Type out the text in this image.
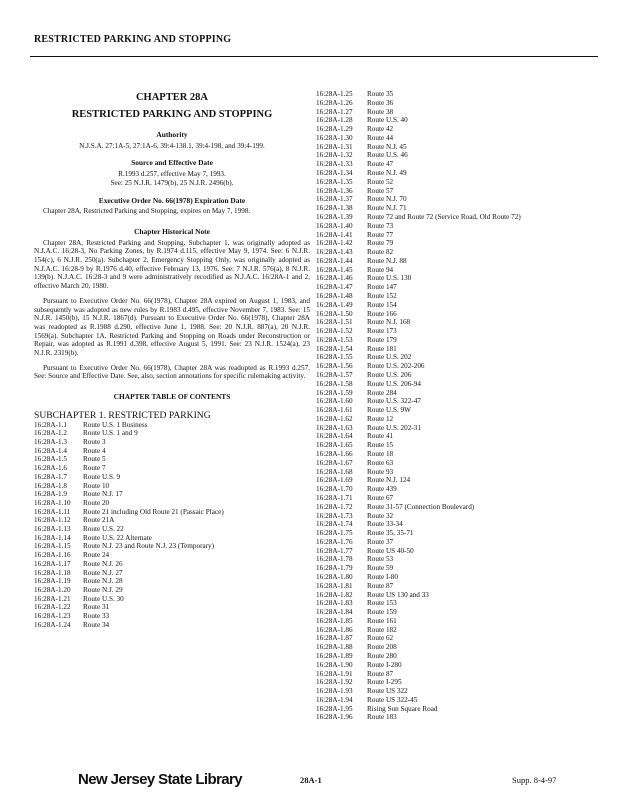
RESTRICTED PARKING AND STOPPING
CHAPTER 28A
RESTRICTED PARKING AND STOPPING
Authority
N.J.S.A. 27:1A-5, 27:1A-6, 39:4-138.1, 39:4-198, and 39:4-199.
Source and Effective Date
R.1993 d.257, effective May 7, 1993.
See: 25 N.J.R. 1479(b), 25 N.J.R. 2496(b).
Executive Order No. 66(1978) Expiration Date

Chapter 28A, Restricted Parking and Stopping, expires on May 7, 1998.

Chapter Historical Note

Chapter 28A, Restricted Parking and Stopping, Subchapter 1, was originally adopted as N.J.A.C. 16:28-3, No Parking Zones, by R.1974 d.115, effective May 9, 1974. See: 6 N.J.R. 154(c), 6 N.J.R. 250(a). Subchapter 2, Emergency Stopping Only, was originally adopted as N.J.A.C. 16:28-9 by R.1976 d.40, effective February 13, 1976. See: 7 N.J.R. 576(a), 8 N.J.R. 139(b). N.J.A.C. 16:28-3 and 9 were administratively recodified as N.J.A.C. 16:28A-1 and 2, effective March 20, 1980.

Pursuant to Executive Order No. 66(1978), Chapter 28A expired on August 1, 1983, and subsequently was adopted as new rules by R.1983 d.495, effective November 7, 1983. See: 15 N.J.R. 1450(b), 15 N.J.R. 1867(d). Pursuant to Executive Order No. 66(1978), Chapter 28A was readopted as R.1988 d.290, effective June 1, 1988. See: 20 N.J.R. 887(a), 20 N.J.R. 1569(a). Subchapter 1A, Restricted Parking and Stopping on Roads under Reconstruction or Repair, was adopted as R.1991 d.398, effective August 5, 1991. See: 23 N.J.R. 1524(a), 23 N.J.R. 2319(b).

Pursuant to Executive Order No. 66(1978), Chapter 28A was readopted as R.1993 d.257. See: Source and Effective Date. See, also, section annotations for specific rulemaking activity.

CHAPTER TABLE OF CONTENTS
SUBCHAPTER 1. RESTRICTED PARKING
16:28A-1.1	Route U.S. 1 Business
16:28A-1.2	Route U.S. 1 and 9
16:28A-1.3	Route 3
16:28A-1.4	Route 4
16:28A-1.5	Route 5
16:28A-1.6	Route 7
16:28A-1.7	Route U.S. 9
16:28A-1.8	Route 10
16:28A-1.9	Route N.J. 17
16:28A-1.10	Route 20
16:28A-1.11	Route 21 including Old Route 21 (Passaic Place)
16:28A-1.12	Route 21A
16:28A-1.13	Route U.S. 22
16:28A-1.14	Route U.S. 22 Alternate
16:28A-1.15	Route N.J. 23 and Route N.J. 23 (Temporary)
16:28A-1.16	Route 24
16:28A-1.17	Route N.J. 26
16:28A-1.18	Route N.J. 27
16:28A-1.19	Route N.J. 28
16:28A-1.20	Route N.J. 29
16:28A-1.21	Route U.S. 30
16:28A-1.22	Route 31
16:28A-1.23	Route 33
16:28A-1.24	Route 34
16:28A-1.25	Route 35
16:28A-1.26	Route 36
16:28A-1.27	Route 38
16:28A-1.28	Route U.S. 40
16:28A-1.29	Route 42
16:28A-1.30	Route 44
16:28A-1.31	Route N.J. 45
16:28A-1.32	Route U.S. 46
16:28A-1.33	Route 47
16:28A-1.34	Route N.J. 49
16:28A-1.35	Route 52
16:28A-1.36	Route 57
16:28A-1.37	Route N.J. 70
16:28A-1.38	Route N.J. 71
16:28A-1.39	Route 72 and Route 72 (Service Road, Old Route 72)
16:28A-1.40	Route 73
16:28A-1.41	Route 77
16:28A-1.42	Route 79
16:28A-1.43	Route 82
16:28A-1.44	Route N.J. 88
16:28A-1.45	Route 94
16:28A-1.46	Route U.S. 130
16:28A-1.47	Route 147
16:28A-1.48	Route 152
16:28A-1.49	Route 154
16:28A-1.50	Route 166
16:28A-1.51	Route N.J. 168
16:28A-1.52	Route 173
16:28A-1.53	Route 179
16:28A-1.54	Route 181
16:28A-1.55	Route U.S. 202
16:28A-1.56	Route U.S. 202-206
16:28A-1.57	Route U.S. 206
16:28A-1.58	Route U.S. 206-94
16:28A-1.59	Route 284
16:28A-1.60	Route U.S. 322-47
16:28A-1.61	Route U.S. 9W
16:28A-1.62	Route 12
16:28A-1.63	Route U.S. 202-31
16:28A-1.64	Route 41
16:28A-1.65	Route 15
16:28A-1.66	Route 18
16:28A-1.67	Route 63
16:28A-1.68	Route 93
16:28A-1.69	Route N.J. 124
16:28A-1.70	Route 439
16:28A-1.71	Route 67
16:28A-1.72	Route 31-57 (Connection Boulevard)
16:28A-1.73	Route 32
16:28A-1.74	Route 33-34
16:28A-1.75	Route 35, 35-71
16:28A-1.76	Route 37
16:28A-1.77	Route US 40-50
16:28A-1.78	Route 53
16:28A-1.79	Route 59
16:28A-1.80	Route I-80
16:28A-1.81	Route 87
16:28A-1.82	Route US 130 and 33
16:28A-1.83	Route 153
16:28A-1.84	Route 159
16:28A-1.85	Route 161
16:28A-1.86	Route 182
16:28A-1.87	Route 62
16:28A-1.88	Route 208
16:28A-1.89	Route 280
16:28A-1.90	Route I-280
16:28A-1.91	Route 87
16:28A-1.92	Route I-295
16:28A-1.93	Route US 322
16:28A-1.94	Route US 322-45
16:28A-1.95	Rising Sun Square Road
16:28A-1.96	Route 183
New Jersey State Library	28A-1	Supp. 8-4-97
